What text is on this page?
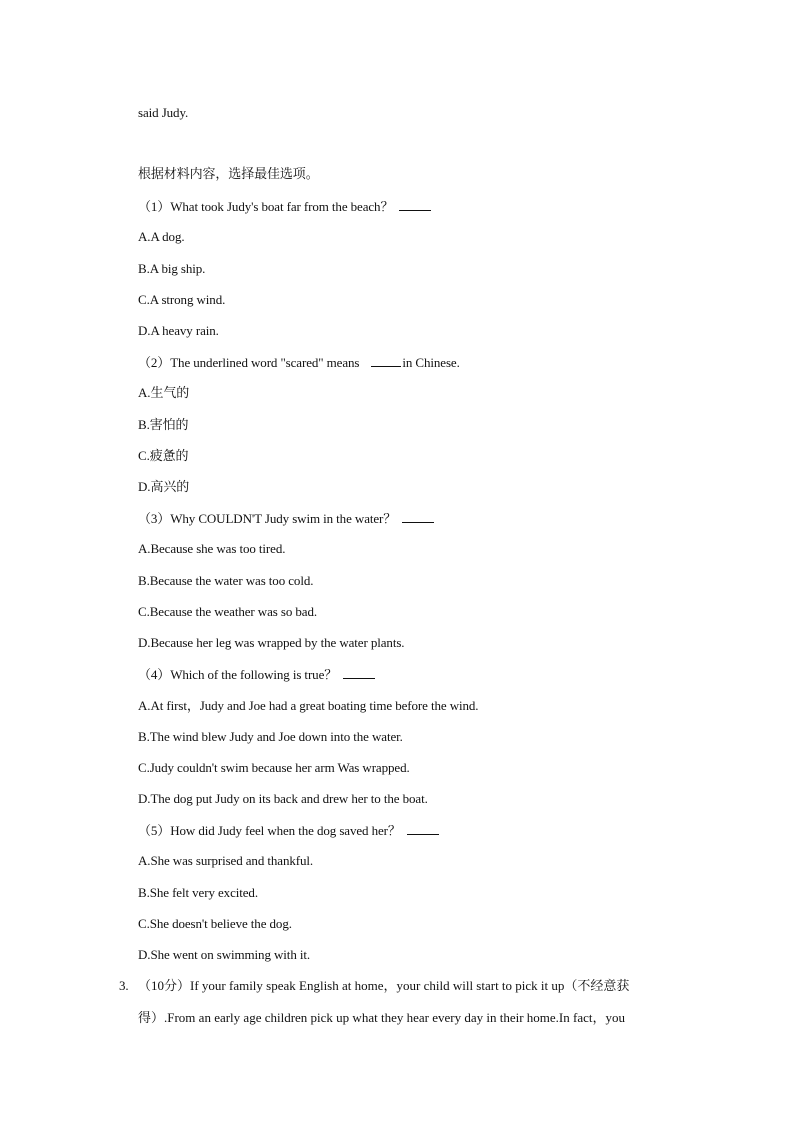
said Judy.
根据材料内容，选择最佳选项。
（1）What took Judy's boat far from the beach？
A.A dog.
B.A big ship.
C.A strong wind.
D.A heavy rain.
（2）The underlined word "scared" means	in Chinese.
A.生气的
B.害怕的
C.疲惫的
D.高兴的
（3）Why COULDN'T Judy swim in the water？
A.Because she was too tired.
B.Because the water was too cold.
C.Because the weather was so bad.
D.Because her leg was wrapped by the water plants.
（4）Which of the following is true？
A.At first，Judy and Joe had a great boating time before the wind.
B.The wind blew Judy and Joe down into the water.
C.Judy couldn't swim because her arm Was wrapped.
D.The dog put Judy on its back and drew her to the boat.
（5）How did Judy feel when the dog saved her？
A.She was surprised and thankful.
B.She felt very excited.
C.She doesn't believe the dog.
D.She went on swimming with it.
3. （10分）If your family speak English at home，your child will start to pick it up（不经意获
得）.From an early age children pick up what they hear every day in their home.In fact，you
